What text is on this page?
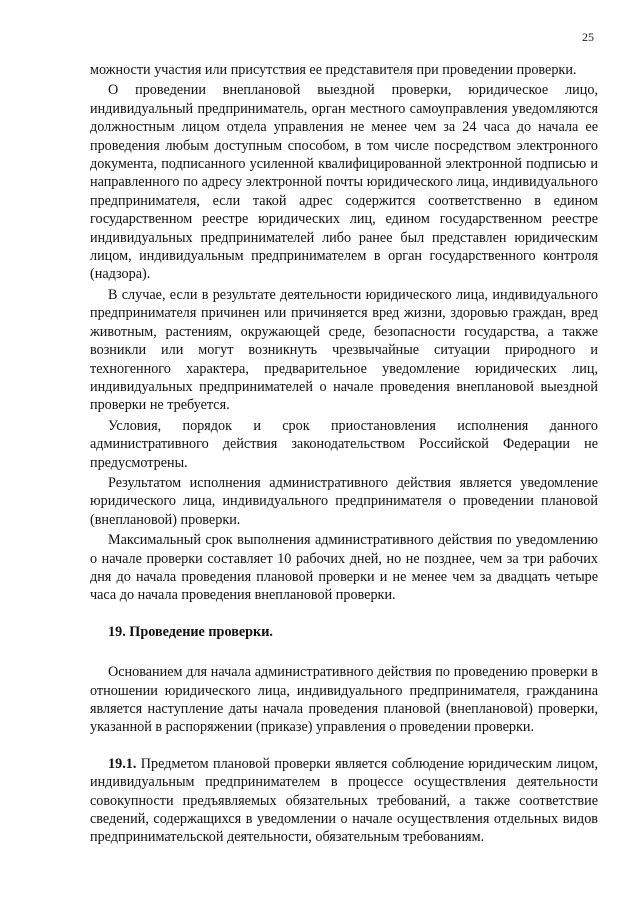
25

можности участия или присутствия ее представителя при проведении проверки.

О проведении внеплановой выездной проверки, юридическое лицо, индивидуальный предприниматель, орган местного самоуправления уведомляются должностным лицом отдела управления не менее чем за 24 часа до начала ее проведения любым доступным способом, в том числе посредством электронного документа, подписанного усиленной квалифицированной электронной подписью и направленного по адресу электронной почты юридического лица, индивидуального предпринимателя, если такой адрес содержится соответственно в едином государственном реестре юридических лиц, едином государственном реестре индивидуальных предпринимателей либо ранее был представлен юридическим лицом, индивидуальным предпринимателем в орган государственного контроля (надзора).

В случае, если в результате деятельности юридического лица, индивидуального предпринимателя причинен или причиняется вред жизни, здоровью граждан, вред животным, растениям, окружающей среде, безопасности государства, а также возникли или могут возникнуть чрезвычайные ситуации природного и техногенного характера, предварительное уведомление юридических лиц, индивидуальных предпринимателей о начале проведения внеплановой выездной проверки не требуется.

Условия, порядок и срок приостановления исполнения данного административного действия законодательством Российской Федерации не предусмотрены.

Результатом исполнения административного действия является уведомление юридического лица, индивидуального предпринимателя о проведении плановой (внеплановой) проверки.

Максимальный срок выполнения административного действия по уведомлению о начале проверки составляет 10 рабочих дней, но не позднее, чем за три рабочих дня до начала проведения плановой проверки и не менее чем за двадцать четыре часа до начала проведения внеплановой проверки.

19. Проведение проверки.

Основанием для начала административного действия по проведению проверки в отношении юридического лица, индивидуального предпринимателя, гражданина является наступление даты начала проведения плановой (внеплановой) проверки, указанной в распоряжении (приказе) управления о проведении проверки.

19.1. Предметом плановой проверки является соблюдение юридическим лицом, индивидуальным предпринимателем в процессе осуществления деятельности совокупности предъявляемых обязательных требований, а также соответствие сведений, содержащихся в уведомлении о начале осуществления отдельных видов предпринимательской деятельности, обязательным требованиям.
